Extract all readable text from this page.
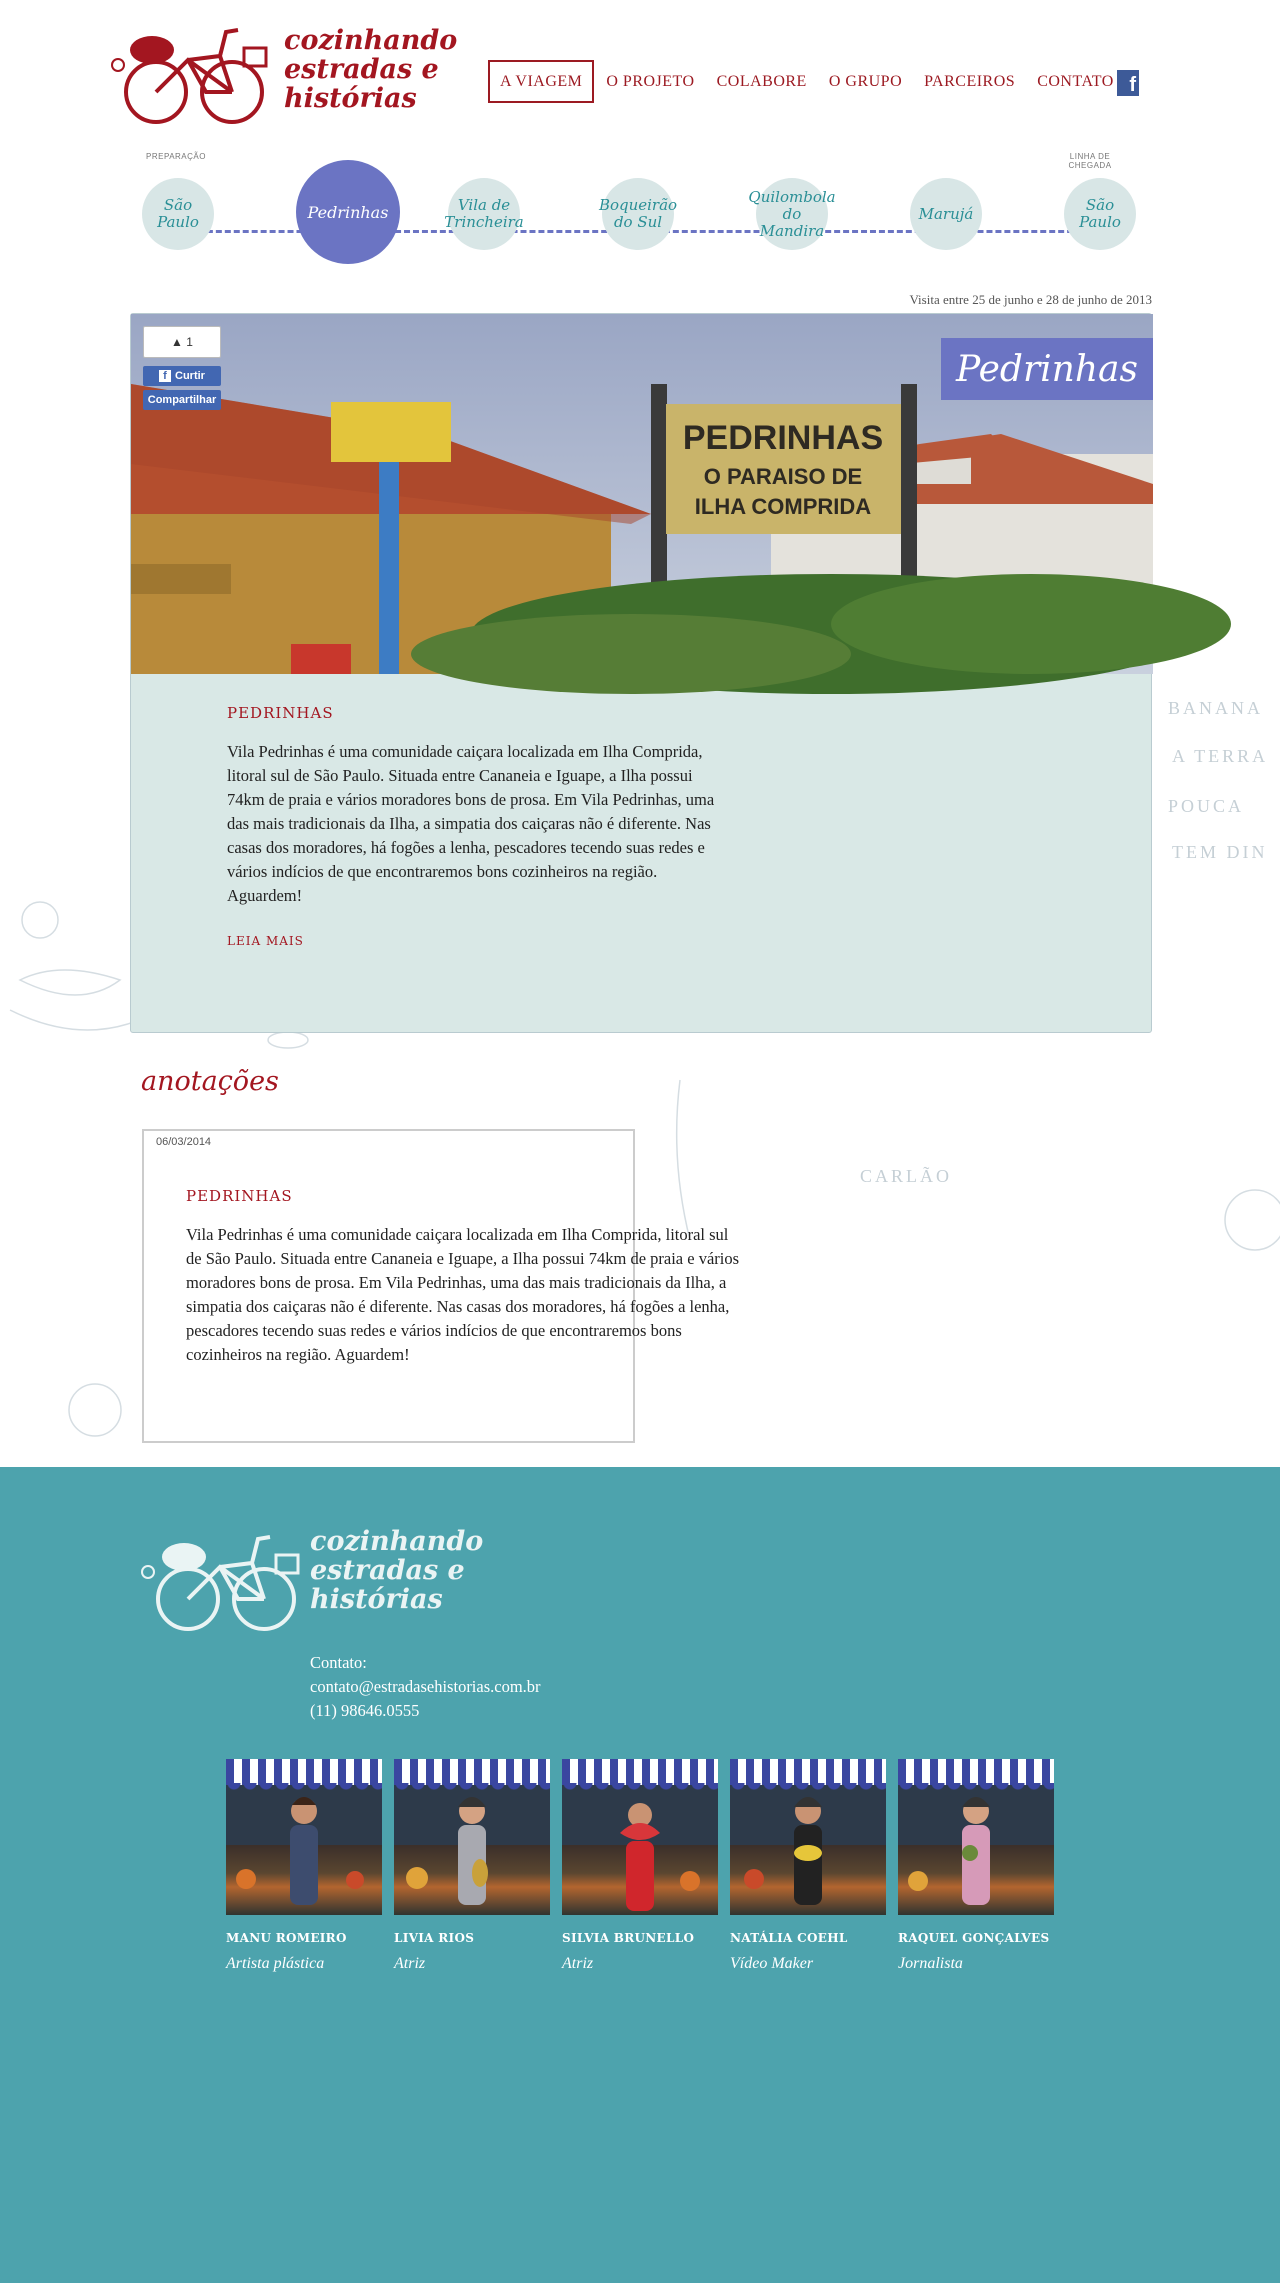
BANANA
A TERRA
POUCA
TEM DIN
CARLÃO
cozinhando estradas e histórias
A VIAGEM	O PROJETO	COLABORE	O GRUPO	PARCEIROS	CONTATO f
PREPARAÇÃO	LINHA DE CHEGADA
São Paulo
Pedrinhas	Vila de Trincheira
Boqueirão do Sul
Quilombola do Mandira
Marujá	São Paulo
Visita entre 25 de junho e 28 de junho de 2013
PEDRINHAS
O PARAISO DE
ILHA COMPRIDA
Pedrinhas
▲ 1
f Curtir
Compartilhar
PEDRINHAS

Vila Pedrinhas é uma comunidade caiçara localizada em Ilha Comprida, litoral sul de São Paulo. Situada entre Cananeia e Iguape, a Ilha possui 74km de praia e vários moradores bons de prosa. Em Vila Pedrinhas, uma das mais tradicionais da Ilha, a simpatia dos caiçaras não é diferente. Nas casas dos moradores, há fogões a lenha, pescadores tecendo suas redes e vários indícios de que encontraremos bons cozinheiros na região. Aguardem!

LEIA MAIS
anotações
06/03/2014
PEDRINHAS

Vila Pedrinhas é uma comunidade caiçara localizada em Ilha Comprida, litoral sul de São Paulo. Situada entre Cananeia e Iguape, a Ilha possui 74km de praia e vários moradores bons de prosa. Em Vila Pedrinhas, uma das mais tradicionais da Ilha, a simpatia dos caiçaras não é diferente. Nas casas dos moradores, há fogões a lenha, pescadores tecendo suas redes e vários indícios de que encontraremos bons cozinheiros na região. Aguardem!

cozinhando estradas e histórias
Contato:
contato@estradasehistorias.com.br
(11) 98646.0555
MANU ROMEIRO
Artista plástica
LIVIA RIOS
Atriz
SILVIA BRUNELLO
Atriz
NATÁLIA COEHL
Vídeo Maker
RAQUEL GONÇALVES
Jornalista
